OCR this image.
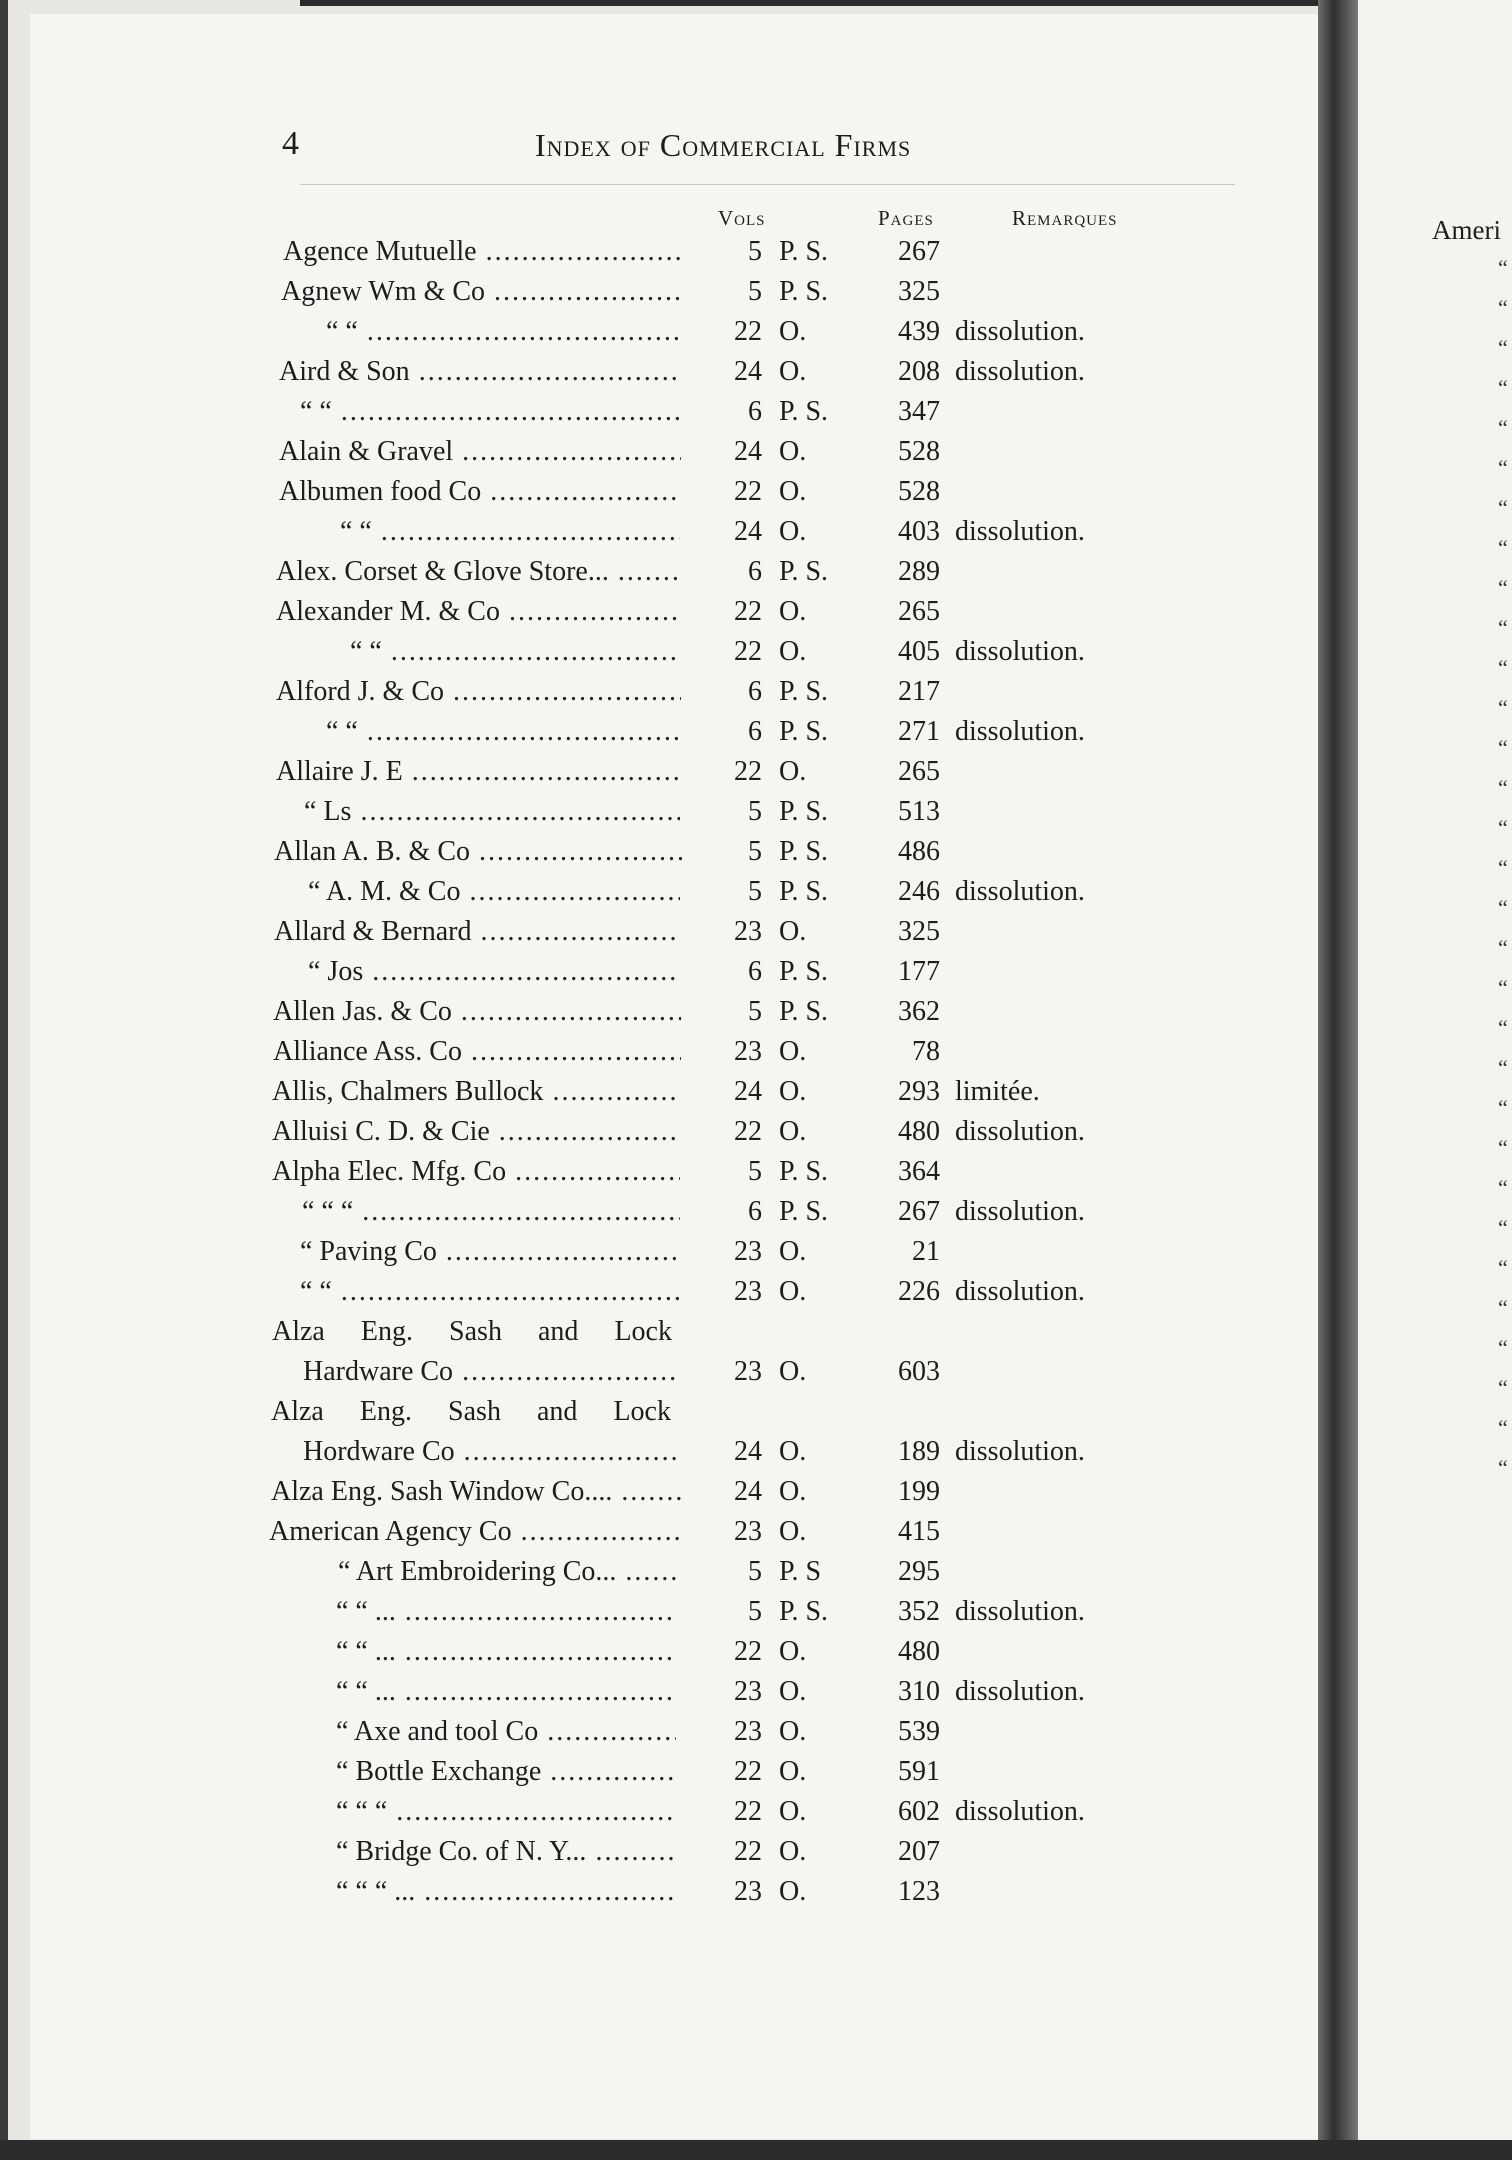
Ameri
“
“
“
“
“
“
“
“
“
“
“
“
“
“
“
“
“
“
“
“
“
“
“
“
“
“
“
“
“
“
“
4	Index of Commercial Firms
Vols	Pages	Remarques
Agence Mutuelle .....	5 P. S.	267
Agnew Wm & Co .....	5 P. S.	325
“ “ .....	22 O.	439 dissolution.
Aird & Son .....	24 O.	208 dissolution.
“ “ .....	6 P. S.	347
Alain & Gravel .....	24 O.	528
Albumen food Co .....	22 O.	528
“ “ .....	24 O.	403 dissolution.
Alex. Corset & Glove Store... .....	6 P. S.	289
Alexander M. & Co .....	22 O.	265
“ “ .....	22 O.	405 dissolution.
Alford J. & Co .....	6 P. S.	217
“ “ .....	6 P. S.	271 dissolution.
Allaire J. E .....	22 O.	265
“ Ls .....	5 P. S.	513
Allan A. B. & Co .....	5 P. S.	486
“ A. M. & Co .....	5 P. S.	246 dissolution.
Allard & Bernard .....	23 O.	325
“ Jos .....	6 P. S.	177
Allen Jas. & Co .....	5 P. S.	362
Alliance Ass. Co .....	23 O.	78
Allis, Chalmers Bullock .....	24 O.	293 limitée.
Alluisi C. D. & Cie .....	22 O.	480 dissolution.
Alpha Elec. Mfg. Co .....	5 P. S.	364
“ “ “ .....	6 P. S.	267 dissolution.
“ Paving Co .....	23 O.	21
“ “ .....	23 O.	226 dissolution.
Alza Eng. Sash and Lock
Hardware Co .....	23 O.	603
Alza Eng. Sash and Lock
Hordware Co .....	24 O.	189 dissolution.
Alza Eng. Sash Window Co.... .....	24 O.	199
American Agency Co .....	23 O.	415
“ Art Embroidering Co... .....	5 P. S	295
“ “ ... .....	5 P. S.	352 dissolution.
“ “ ... .....	22 O.	480
“ “ ... .....	23 O.	310 dissolution.
“ Axe and tool Co .....	23 O.	539
“ Bottle Exchange .....	22 O.	591
“ “ “ .....	22 O.	602 dissolution.
“ Bridge Co. of N. Y... .....	22 O.	207
“ “ “ ... .....	23 O.	123
